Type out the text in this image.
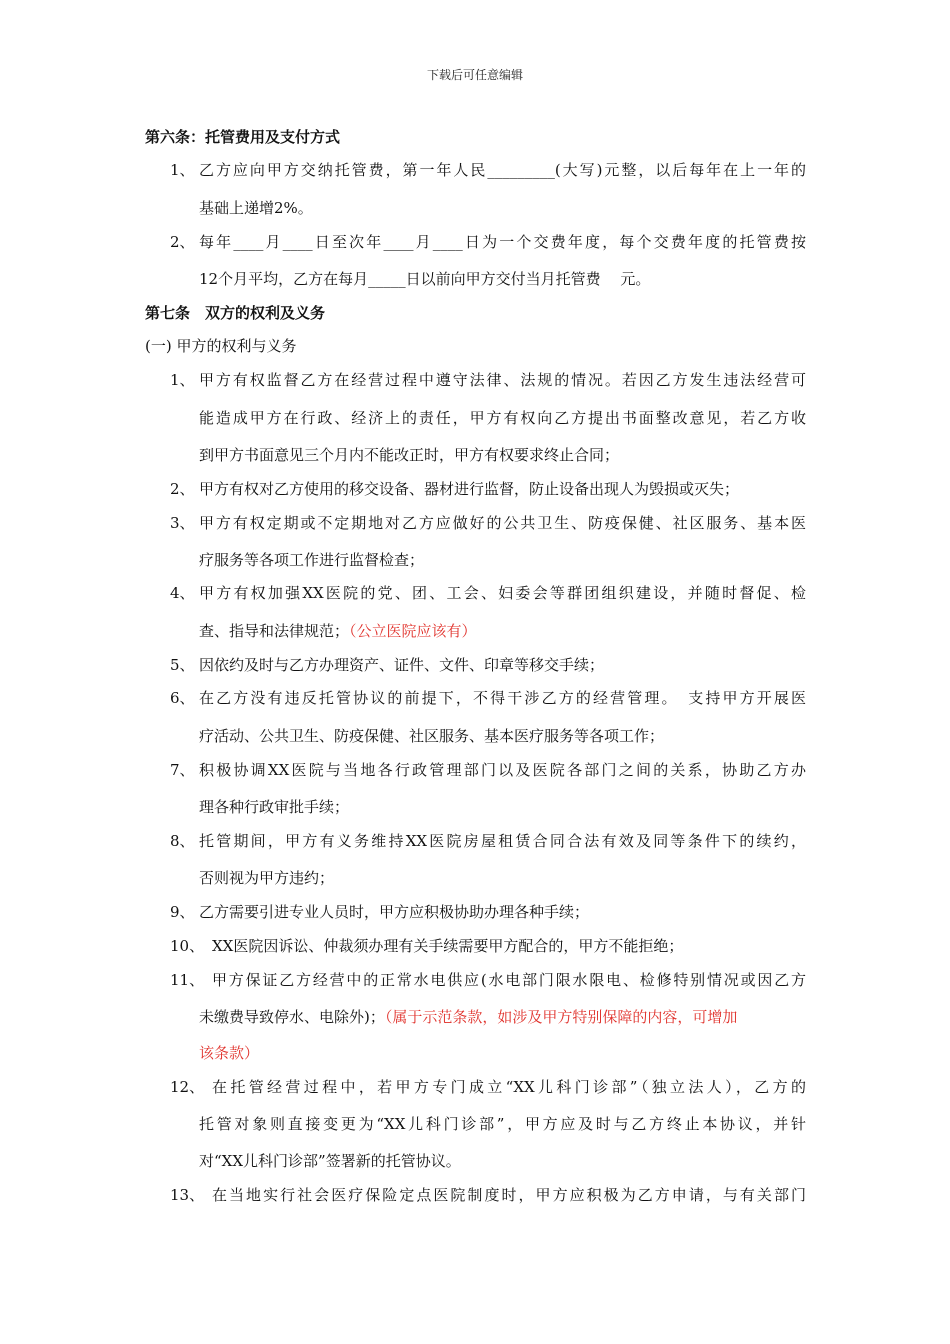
下载后可任意编辑
第六条：托管费用及支付方式
1、 乙方应向甲方交纳托管费，第一年人民_________(大写)元整，以后每年在上一年的
基础上递增2%。
2、 每年____月____日至次年____月____日为一个交费年度，每个交费年度的托管费按
12个月平均，乙方在每月_____日以前向甲方交付当月托管费　 元。
第七条　双方的权利及义务
(一) 甲方的权利与义务
1、 甲方有权监督乙方在经营过程中遵守法律、法规的情况。若因乙方发生违法经营可
能造成甲方在行政、经济上的责任，甲方有权向乙方提出书面整改意见，若乙方收
到甲方书面意见三个月内不能改正时，甲方有权要求终止合同；
2、 甲方有权对乙方使用的移交设备、器材进行监督，防止设备出现人为毁损或灭失；
3、 甲方有权定期或不定期地对乙方应做好的公共卫生、防疫保健、社区服务、基本医
疗服务等各项工作进行监督检查；
4、 甲方有权加强XX医院的党、团、工会、妇委会等群团组织建设，并随时督促、检
查、指导和法律规范；（公立医院应该有）
5、 因依约及时与乙方办理资产、证件、文件、印章等移交手续；
6、 在乙方没有违反托管协议的前提下，不得干涉乙方的经营管理。　支持甲方开展医
疗活动、公共卫生、防疫保健、社区服务、基本医疗服务等各项工作；
7、 积极协调XX医院与当地各行政管理部门以及医院各部门之间的关系，协助乙方办
理各种行政审批手续；
8、 托管期间，甲方有义务维持XX医院房屋租赁合同合法有效及同等条件下的续约，
否则视为甲方违约；
9、 乙方需要引进专业人员时，甲方应积极协助办理各种手续；
10、 XX医院因诉讼、仲裁须办理有关手续需要甲方配合的，甲方不能拒绝；
11、 甲方保证乙方经营中的正常水电供应(水电部门限水限电、检修特别情况或因乙方
未缴费导致停水、电除外)；（属于示范条款，如涉及甲方特别保障的内容，可增加
该条款）
12、 在托管经营过程中，若甲方专门成立“XX儿科门诊部”（独立法人），乙方的
托管对象则直接变更为“XX儿科门诊部”，甲方应及时与乙方终止本协议，并针
对“XX儿科门诊部”签署新的托管协议。
13、 在当地实行社会医疗保险定点医院制度时，甲方应积极为乙方申请，与有关部门
